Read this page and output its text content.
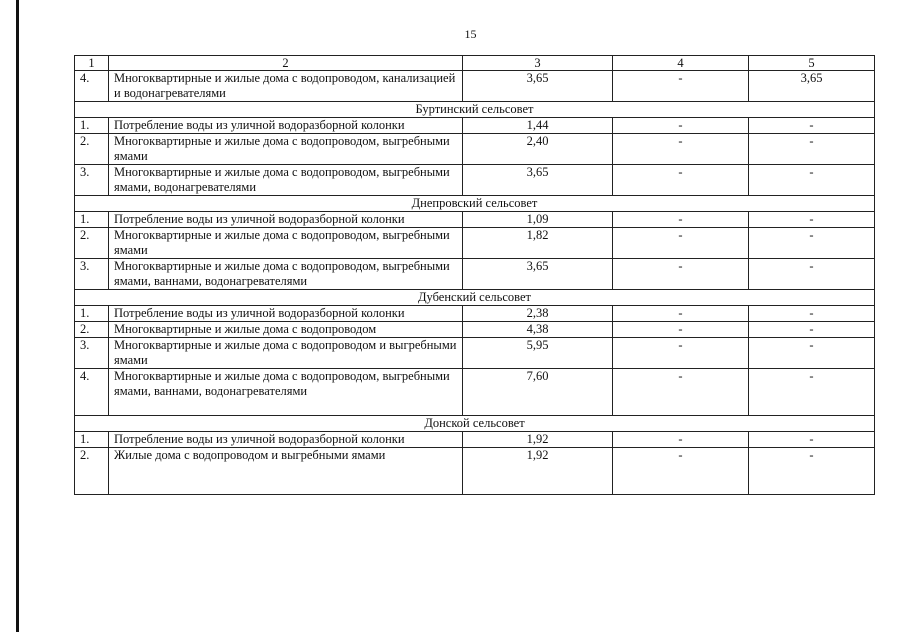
15
1	2	3	4	5
4.	Многоквартирные и жилые дома с водопроводом, канализацией и водонагревателями	3,65	-	3,65
Буртинский сельсовет				
1.	Потребление воды из уличной водоразборной колонки	1,44	-	-
2.	Многоквартирные и жилые дома с водопроводом, выгребными ямами	2,40	-	-
3.	Многоквартирные и жилые дома с водопроводом, выгребными ямами, водонагревателями	3,65	-	-
Днепровский сельсовет				
1.	Потребление воды из уличной водоразборной колонки	1,09	-	-
2.	Многоквартирные и жилые дома с водопроводом, выгребными ямами	1,82	-	-
3.	Многоквартирные и жилые дома с водопроводом, выгребными ямами, ваннами, водонагревателями	3,65	-	-
Дубенский сельсовет				
1.	Потребление воды из уличной водоразборной колонки	2,38	-	-
2.	Многоквартирные и жилые дома с водопроводом	4,38	-	-
3.	Многоквартирные и жилые дома с водопроводом и выгребными ямами	5,95	-	-
4.	Многоквартирные и жилые дома с водопроводом, выгребными ямами, ваннами, водонагревателями	7,60	-	-
Донской сельсовет				
1.	Потребление воды из уличной водоразборной колонки	1,92	-	-
2.	Жилые дома с водопроводом и выгребными ямами	1,92	-	-
